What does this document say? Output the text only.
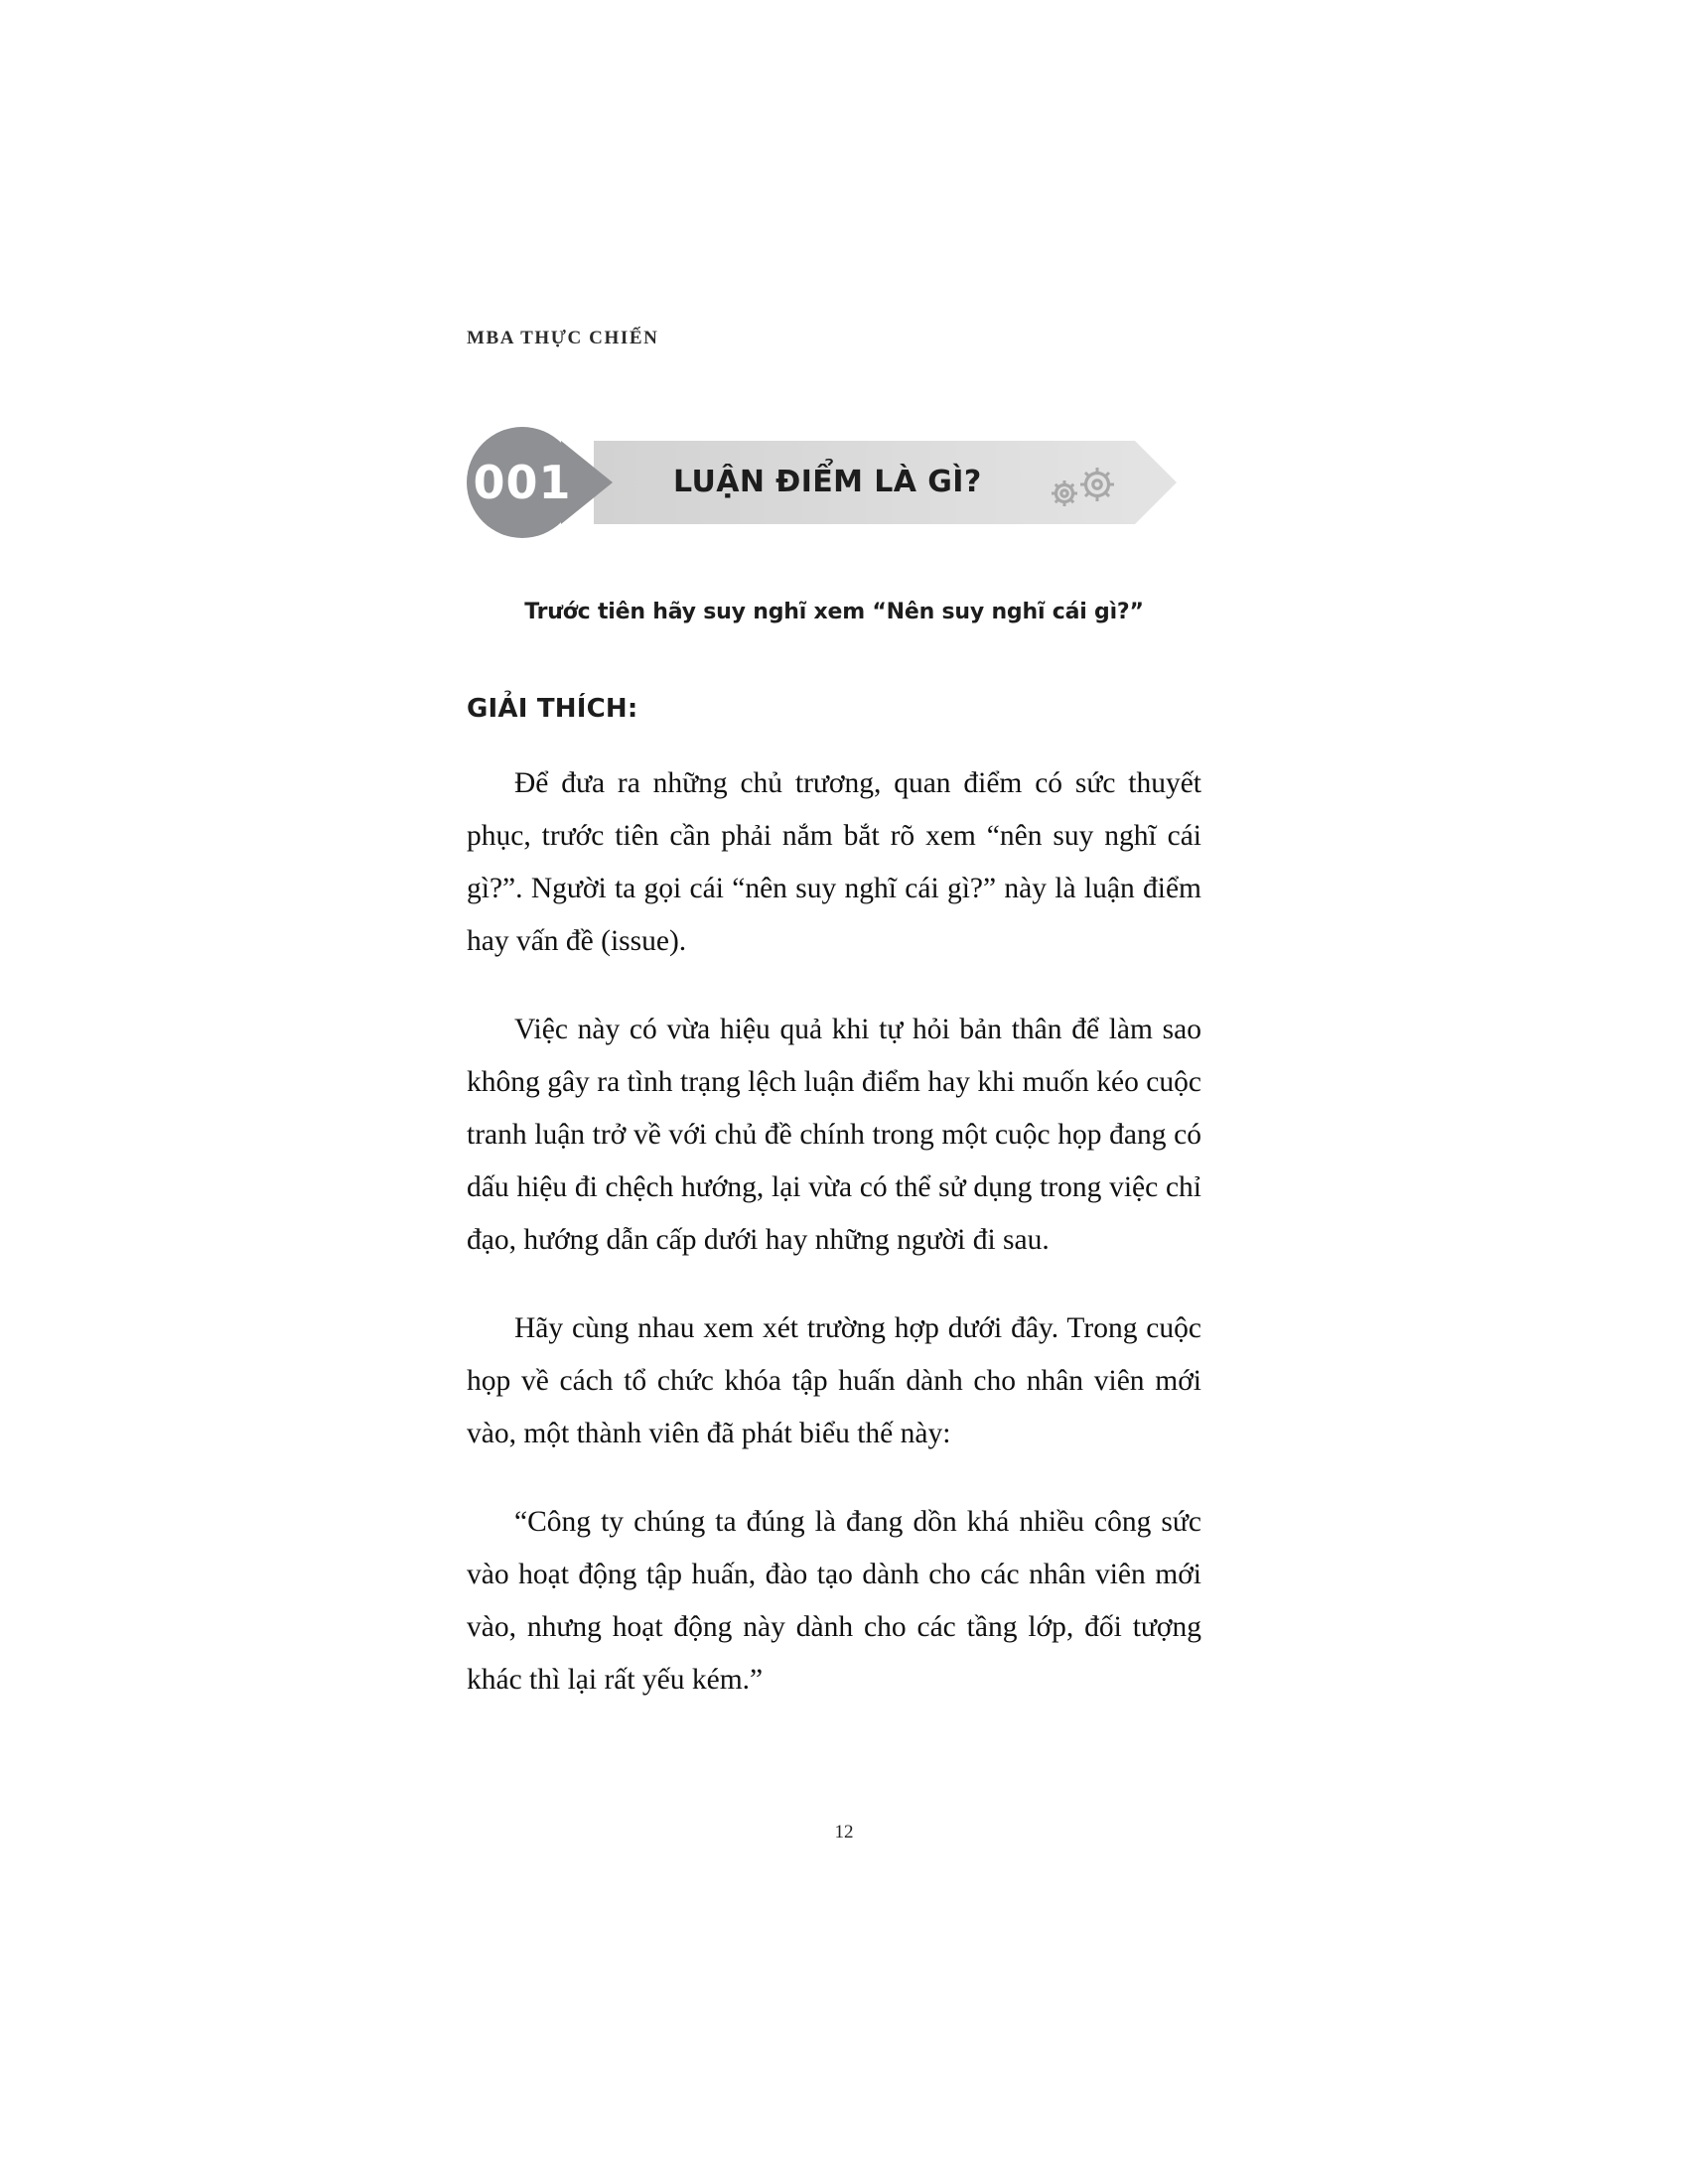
MBA THỰC CHIẾN
001	LUẬN ĐIỂM LÀ GÌ?
Trước tiên hãy suy nghĩ xem “Nên suy nghĩ cái gì?”
GIẢI THÍCH:

Để đưa ra những chủ trương, quan điểm có sức thuyết phục, trước tiên cần phải nắm bắt rõ xem “nên suy nghĩ cái gì?”. Người ta gọi cái “nên suy nghĩ cái gì?” này là luận điểm hay vấn đề (issue).

Việc này có vừa hiệu quả khi tự hỏi bản thân để làm sao không gây ra tình trạng lệch luận điểm hay khi muốn kéo cuộc tranh luận trở về với chủ đề chính trong một cuộc họp đang có dấu hiệu đi chệch hướng, lại vừa có thể sử dụng trong việc chỉ đạo, hướng dẫn cấp dưới hay những người đi sau.

Hãy cùng nhau xem xét trường hợp dưới đây. Trong cuộc họp về cách tổ chức khóa tập huấn dành cho nhân viên mới vào, một thành viên đã phát biểu thế này:

“Công ty chúng ta đúng là đang dồn khá nhiều công sức vào hoạt động tập huấn, đào tạo dành cho các nhân viên mới vào, nhưng hoạt động này dành cho các tầng lớp, đối tượng khác thì lại rất yếu kém.”

12
